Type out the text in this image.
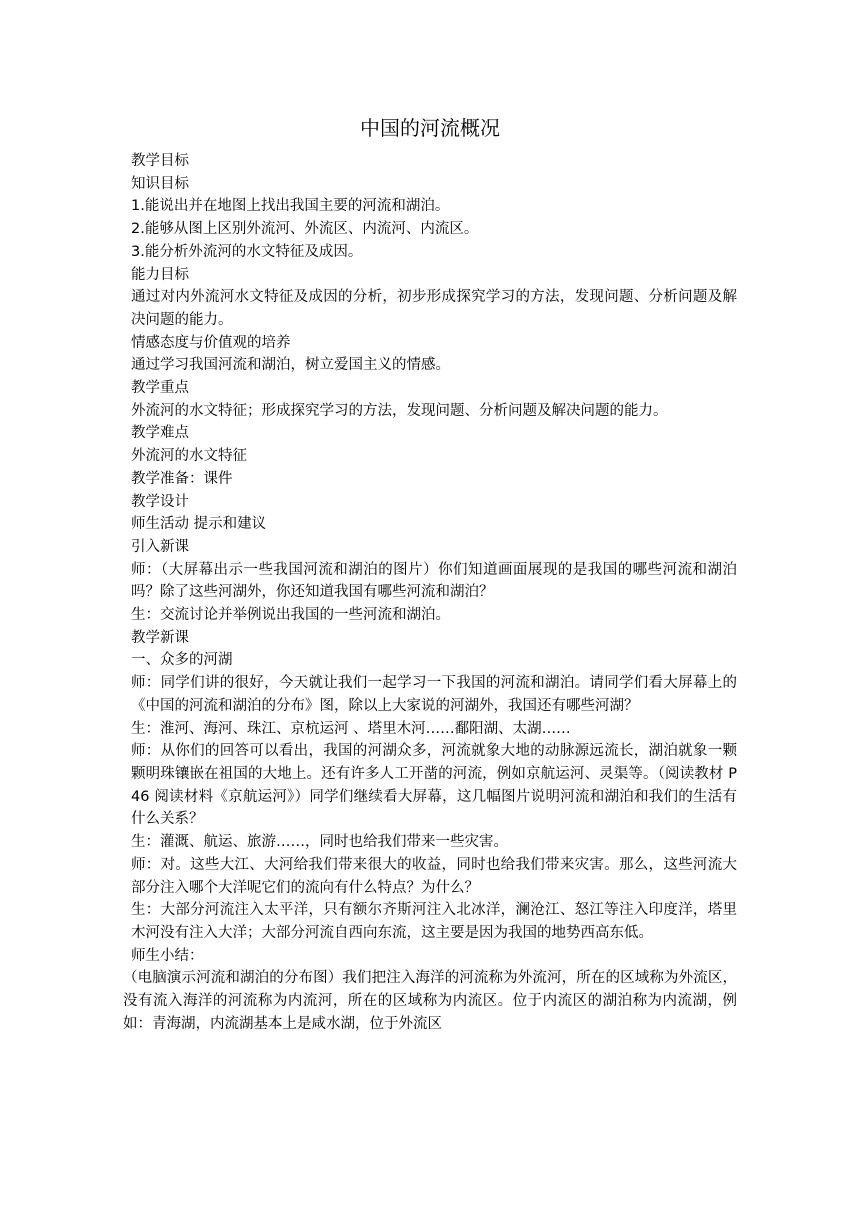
中国的河流概况

教学目标

知识目标

1.能说出并在地图上找出我国主要的河流和湖泊。

2.能够从图上区别外流河、外流区、内流河、内流区。

3.能分析外流河的水文特征及成因。

能力目标

通过对内外流河水文特征及成因的分析，初步形成探究学习的方法，发现问题、分析问题及解决问题的能力。

情感态度与价值观的培养

通过学习我国河流和湖泊，树立爱国主义的情感。

教学重点

外流河的水文特征；形成探究学习的方法，发现问题、分析问题及解决问题的能力。

教学难点

外流河的水文特征

教学准备：课件

教学设计

师生活动 提示和建议

引入新课

师：（大屏幕出示一些我国河流和湖泊的图片）你们知道画面展现的是我国的哪些河流和湖泊吗？除了这些河湖外，你还知道我国有哪些河流和湖泊？

生：交流讨论并举例说出我国的一些河流和湖泊。

教学新课

一、众多的河湖

师：同学们讲的很好，今天就让我们一起学习一下我国的河流和湖泊。请同学们看大屏幕上的《中国的河流和湖泊的分布》图，除以上大家说的河湖外，我国还有哪些河湖？

生：淮河、海河、珠江、京杭运河 、塔里木河……鄱阳湖、太湖……

师：从你们的回答可以看出，我国的河湖众多，河流就象大地的动脉源远流长，湖泊就象一颗颗明珠镶嵌在祖国的大地上。还有许多人工开凿的河流，例如京航运河、灵渠等。（阅读教材 P46 阅读材料《京航运河》）同学们继续看大屏幕，这几幅图片说明河流和湖泊和我们的生活有什么关系？

生：灌溉、航运、旅游……，同时也给我们带来一些灾害。

师：对。这些大江、大河给我们带来很大的收益，同时也给我们带来灾害。那么，这些河流大部分注入哪个大洋呢它们的流向有什么特点？为什么？

生：大部分河流注入太平洋，只有额尔齐斯河注入北冰洋，澜沧江、怒江等注入印度洋，塔里木河没有注入大洋；大部分河流自西向东流，这主要是因为我国的地势西高东低。

师生小结：

（电脑演示河流和湖泊的分布图）我们把注入海洋的河流称为外流河，所在的区域称为外流区，没有流入海洋的河流称为内流河，所在的区域称为内流区。位于内流区的湖泊称为内流湖，例如：青海湖，内流湖基本上是咸水湖，位于外流区
